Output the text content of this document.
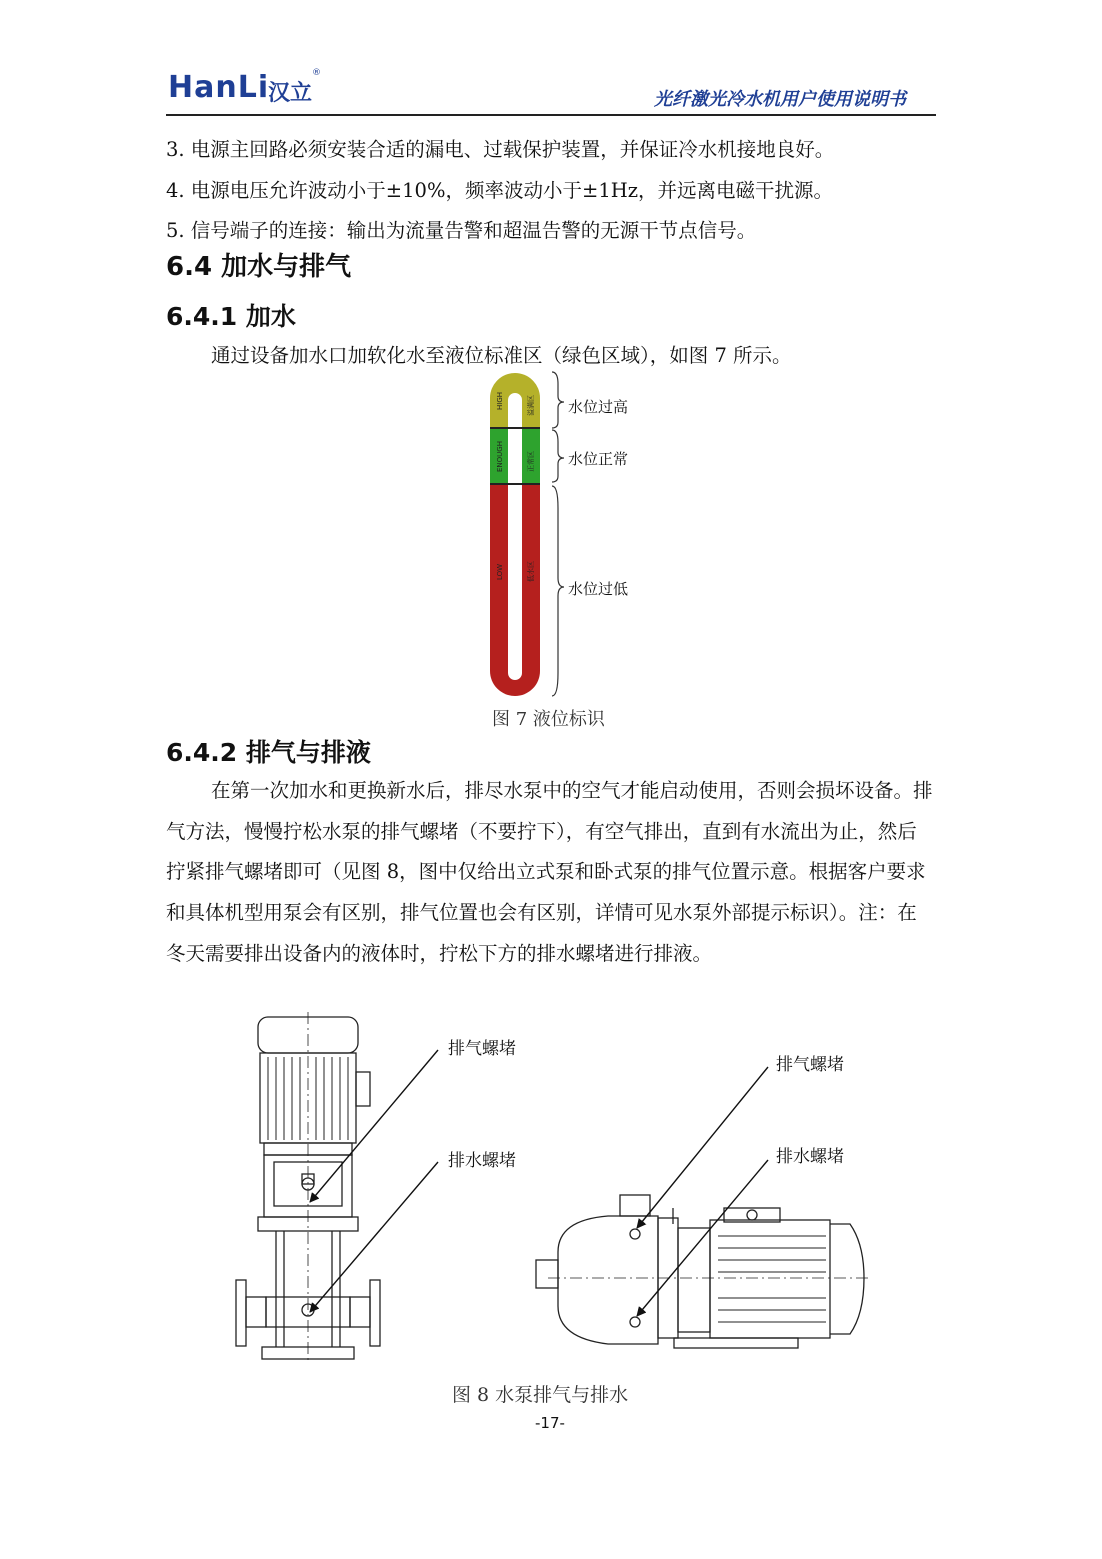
HanLi
汉立
®
光纤激光冷水机用户使用说明书
3. 电源主回路必须安装合适的漏电、过载保护装置，并保证冷水机接地良好。
4. 电源电压允许波动小于±10%，频率波动小于±1Hz，并远离电磁干扰源。
5. 信号端子的连接：输出为流量告警和超温告警的无源干节点信号。
6.4 加水与排气
6.4.1 加水
通过设备加水口加软化水至液位标准区（绿色区域），如图 7 所示。
HIGH
ENOUGH
LOW
溢满区
正常区
低水区
水位过高
水位正常
水位过低
图 7 液位标识
6.4.2 排气与排液
在第一次加水和更换新水后，排尽水泵中的空气才能启动使用，否则会损坏设备。排气方法，慢慢拧松水泵的排气螺堵（不要拧下），有空气排出，直到有水流出为止，然后拧紧排气螺堵即可（见图 8，图中仅给出立式泵和卧式泵的排气位置示意。根据客户要求和具体机型用泵会有区别，排气位置也会有区别，详情可见水泵外部提示标识）。注：在冬天需要排出设备内的液体时，拧松下方的排水螺堵进行排液。
排气螺堵
排水螺堵
排气螺堵
排水螺堵
图 8 水泵排气与排水
-17-
